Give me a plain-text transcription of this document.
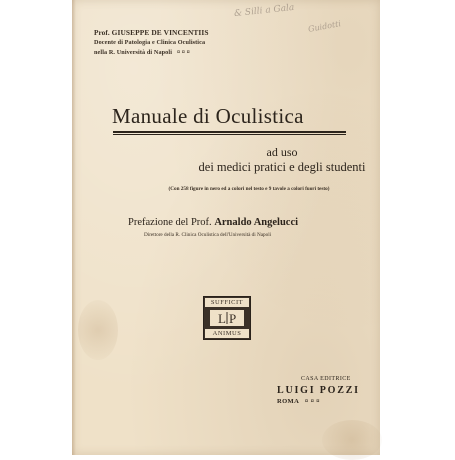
& Silli a Gala
Guidotti
Prof. GIUSEPPE DE VINCENTIIS
Docente di Patologia e Clinica Oculistica
nella R. Università di Napoli ¤ ¤ ¤
Manuale di Oculistica
ad uso
dei medici pratici e degli studenti
(Con 258 figure in nero ed a colori nel testo e 9 tavole a colori fuori testo)
Prefazione del Prof. Arnaldo Angelucci
Direttore della R. Clinica Oculistica dell'Università di Napoli
SUFFICIT
L P
ANIMUS
CASA EDITRICE
LUIGI POZZI
ROMA ¤ ¤ ¤
